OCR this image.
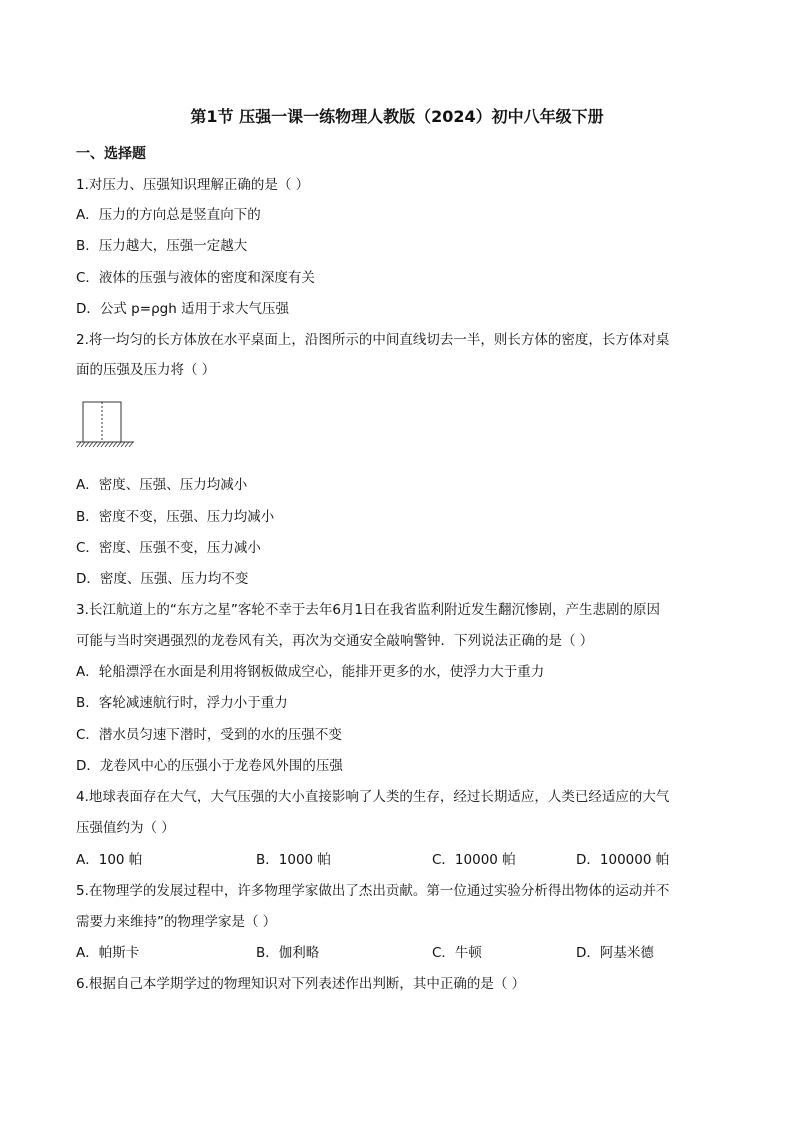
第1节 压强一课一练物理人教版（2024）初中八年级下册
一、选择题
1.对压力、压强知识理解正确的是（ ）
A．压力的方向总是竖直向下的
B．压力越大，压强一定越大
C．液体的压强与液体的密度和深度有关
D．公式 p=ρgh 适用于求大气压强
2.将一均匀的长方体放在水平桌面上，沿图所示的中间直线切去一半，则长方体的密度，长方体对桌
面的压强及压力将（ ）
A．密度、压强、压力均减小
B．密度不变，压强、压力均减小
C．密度、压强不变，压力减小
D．密度、压强、压力均不变
3.长江航道上的“东方之星”客轮不幸于去年6月1日在我省监利附近发生翻沉惨剧，产生悲剧的原因
可能与当时突遇强烈的龙卷风有关，再次为交通安全敲响警钟．下列说法正确的是（ ）
A．轮船漂浮在水面是利用将钢板做成空心，能排开更多的水，使浮力大于重力
B．客轮减速航行时，浮力小于重力
C．潜水员匀速下潜时，受到的水的压强不变
D．龙卷风中心的压强小于龙卷风外围的压强
4.地球表面存在大气，大气压强的大小直接影响了人类的生存，经过长期适应，人类已经适应的大气
压强值约为（ ）
A．100 帕	B．1000 帕	C．10000 帕	D．100000 帕
5.在物理学的发展过程中，许多物理学家做出了杰出贡献。第一位通过实验分析得出物体的运动并不
需要力来维持”的物理学家是（ ）
A．帕斯卡	B．伽利略	C．牛顿	D．阿基米德
6.根据自己本学期学过的物理知识对下列表述作出判断，其中正确的是（ ）
